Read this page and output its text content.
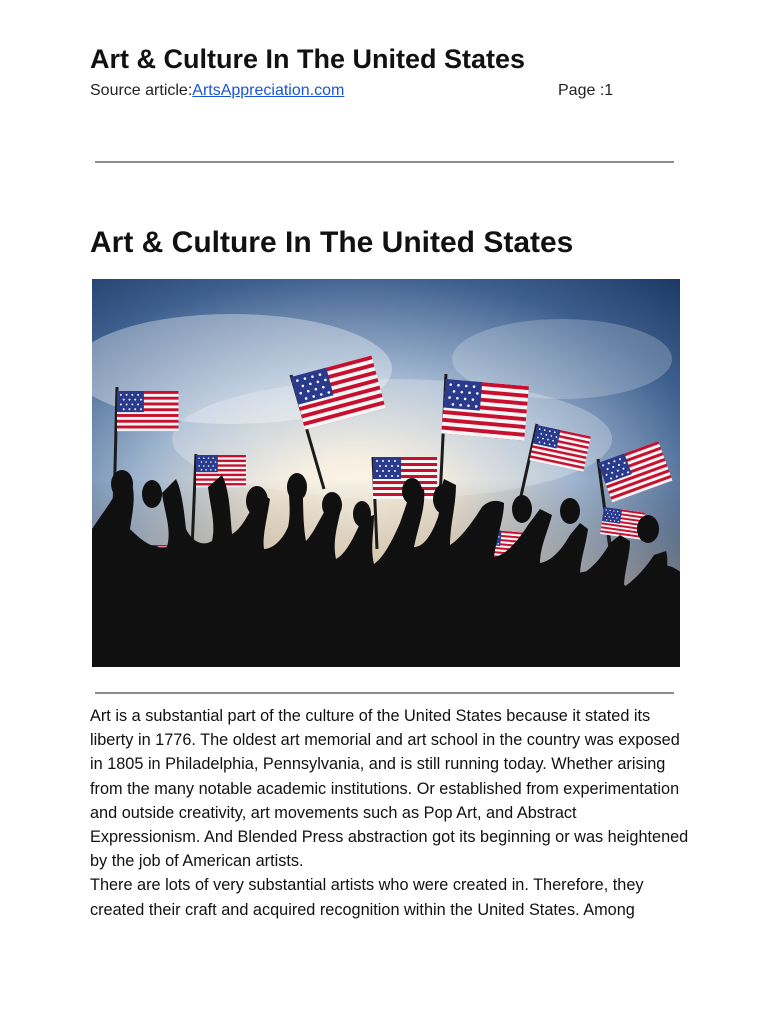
Art & Culture In The United States
Source article:ArtsAppreciation.com	Page :1
Art & Culture In The United States

Art is a substantial part of the culture of the United States because it stated its liberty in 1776. The oldest art memorial and art school in the country was exposed in 1805 in Philadelphia, Pennsylvania, and is still running today. Whether arising from the many notable academic institutions. Or established from experimentation and outside creativity, art movements such as Pop Art, and Abstract Expressionism. And Blended Press abstraction got its beginning or was heightened by the job of American artists.

There are lots of very substantial artists who were created in. Therefore, they created their craft and acquired recognition within the United States. Among
